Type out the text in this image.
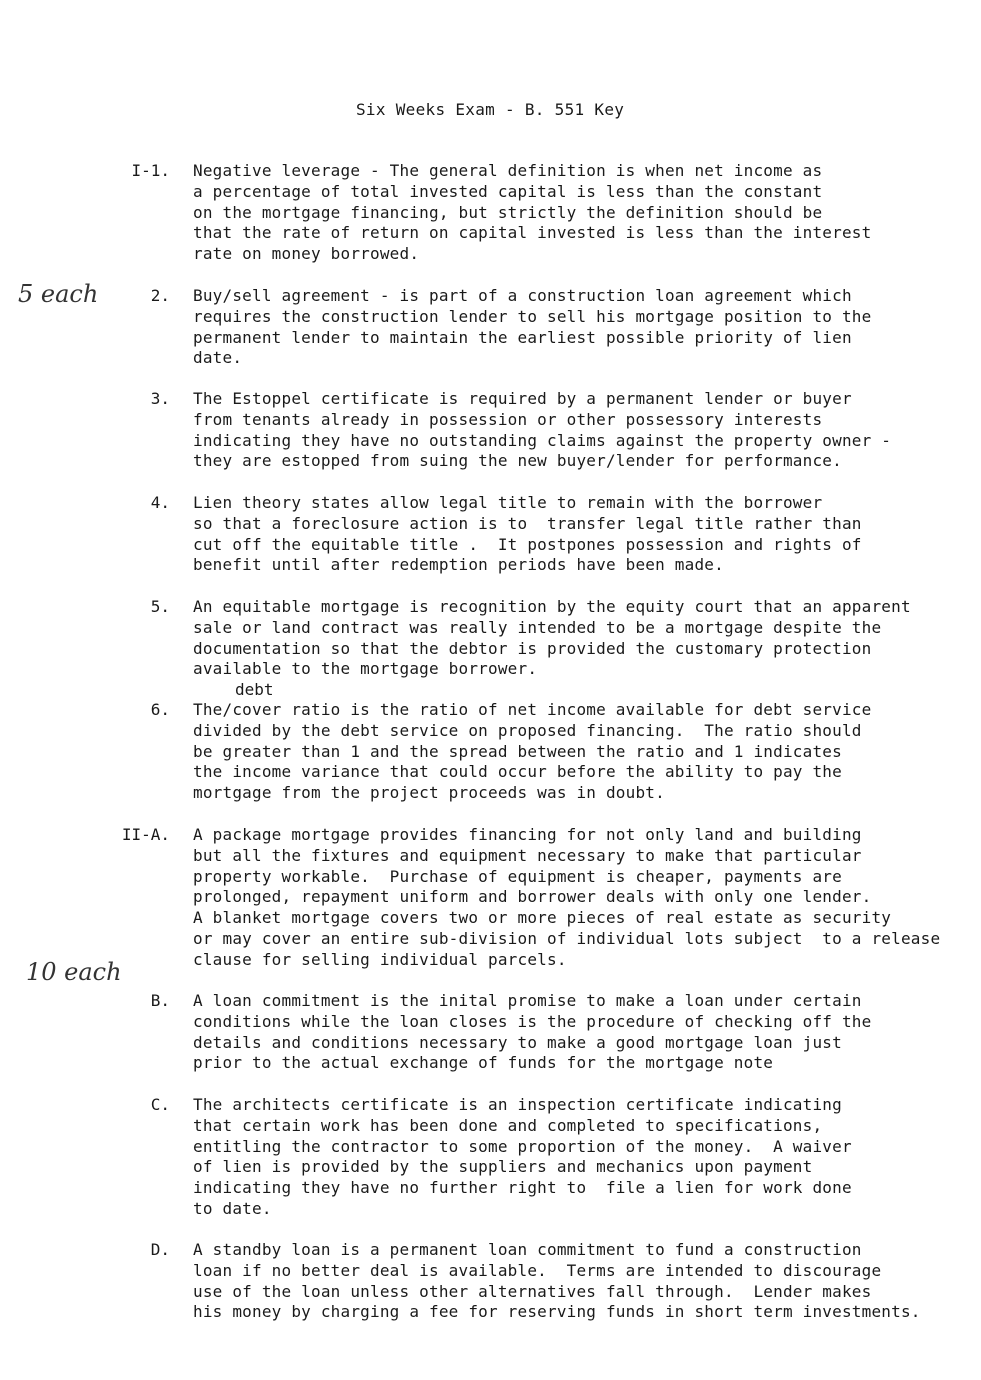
Six Weeks Exam - B. 551 Key
5 each
10 each
I-1. Negative leverage - The general definition is when net income as
a percentage of total invested capital is less than the constant
on the mortgage financing, but strictly the definition should be
that the rate of return on capital invested is less than the interest
rate on money borrowed.
2. Buy/sell agreement - is part of a construction loan agreement which
requires the construction lender to sell his mortgage position to the
permanent lender to maintain the earliest possible priority of lien
date.
3. The Estoppel certificate is required by a permanent lender or buyer
from tenants already in possession or other possessory interests
indicating they have no outstanding claims against the property owner -
they are estopped from suing the new buyer/lender for performance.
4. Lien theory states allow legal title to remain with the borrower
so that a foreclosure action is to  transfer legal title rather than
cut off the equitable title .  It postpones possession and rights of
benefit until after redemption periods have been made.
5. An equitable mortgage is recognition by the equity court that an apparent
sale or land contract was really intended to be a mortgage despite the
documentation so that the debtor is provided the customary protection
available to the mortgage borrower.
debt
6. The/cover ratio is the ratio of net income available for debt service
divided by the debt service on proposed financing.  The ratio should
be greater than 1 and the spread between the ratio and 1 indicates
the income variance that could occur before the ability to pay the
mortgage from the project proceeds was in doubt.
II-A. A package mortgage provides financing for not only land and building
but all the fixtures and equipment necessary to make that particular
property workable.  Purchase of equipment is cheaper, payments are
prolonged, repayment uniform and borrower deals with only one lender.
A blanket mortgage covers two or more pieces of real estate as security
or may cover an entire sub-division of individual lots subject  to a release
clause for selling individual parcels.
B. A loan commitment is the inital promise to make a loan under certain
conditions while the loan closes is the procedure of checking off the
details and conditions necessary to make a good mortgage loan just
prior to the actual exchange of funds for the mortgage note
C. The architects certificate is an inspection certificate indicating
that certain work has been done and completed to specifications,
entitling the contractor to some proportion of the money.  A waiver
of lien is provided by the suppliers and mechanics upon payment
indicating they have no further right to  file a lien for work done
to date.
D. A standby loan is a permanent loan commitment to fund a construction
loan if no better deal is available.  Terms are intended to discourage
use of the loan unless other alternatives fall through.  Lender makes
his money by charging a fee for reserving funds in short term investments.
